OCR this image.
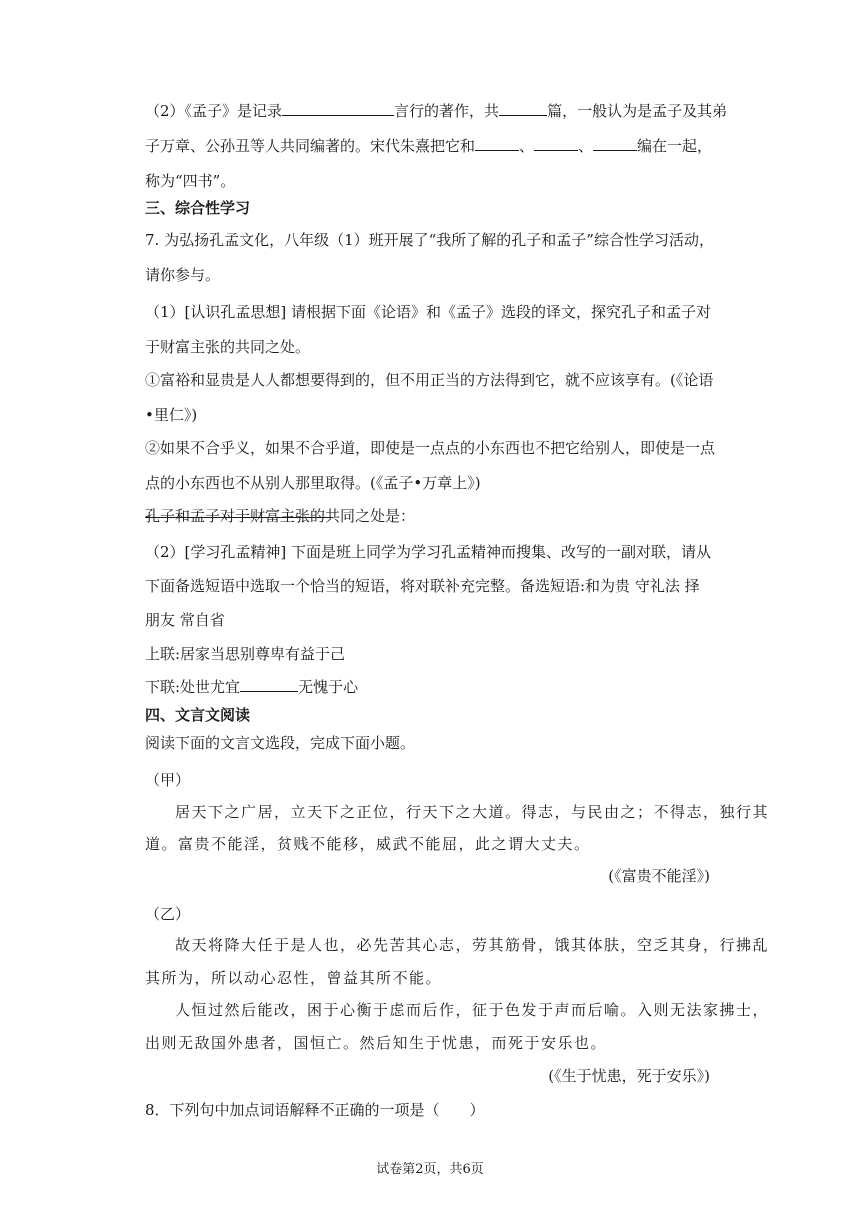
（2）《孟子》是记录	言行的著作，共	篇，一般认为是孟子及其弟
子万章、公孙丑等人共同编著的。宋代朱熹把它和	、	、	编在一起，
称为“四书”。
三、综合性学习
7. 为弘扬孔孟文化，八年级（1）班开展了“我所了解的孔子和孟子”综合性学习活动，
请你参与。
（1）[认识孔孟思想] 请根据下面《论语》和《孟子》选段的译文，探究孔子和孟子对
于财富主张的共同之处。
①富裕和显贵是人人都想要得到的，但不用正当的方法得到它，就不应该享有。(《论语
•里仁》)
②如果不合乎义，如果不合乎道，即使是一点点的小东西也不把它给别人，即使是一点
点的小东西也不从别人那里取得。(《孟子•万章上》)
孔子和孟子对于财富主张的共同之处是：
（2）[学习孔孟精神] 下面是班上同学为学习孔孟精神而搜集、改写的一副对联，请从
下面备选短语中选取一个恰当的短语，将对联补充完整。备选短语:和为贵 守礼法 择
朋友 常自省
上联:居家当思别尊卑有益于己
下联:处世尤宜	无愧于心
四、文言文阅读
阅读下面的文言文选段，完成下面小题。
（甲）
居天下之广居，立天下之正位，行天下之大道。得志，与民由之；不得志，独行其
道。富贵不能淫，贫贱不能移，威武不能屈，此之谓大丈夫。
(《富贵不能淫》)
（乙）
故天将降大任于是人也，必先苦其心志，劳其筋骨，饿其体肤，空乏其身，行拂乱
其所为，所以动心忍性，曾益其所不能。
人恒过然后能改，困于心衡于虑而后作，征于色发于声而后喻。入则无法家拂士，
出则无敌国外患者，国恒亡。然后知生于忧患，而死于安乐也。
(《生于忧患，死于安乐》)
8．下列句中加点词语解释不正确的一项是（　　）
试卷第2页，共6页
